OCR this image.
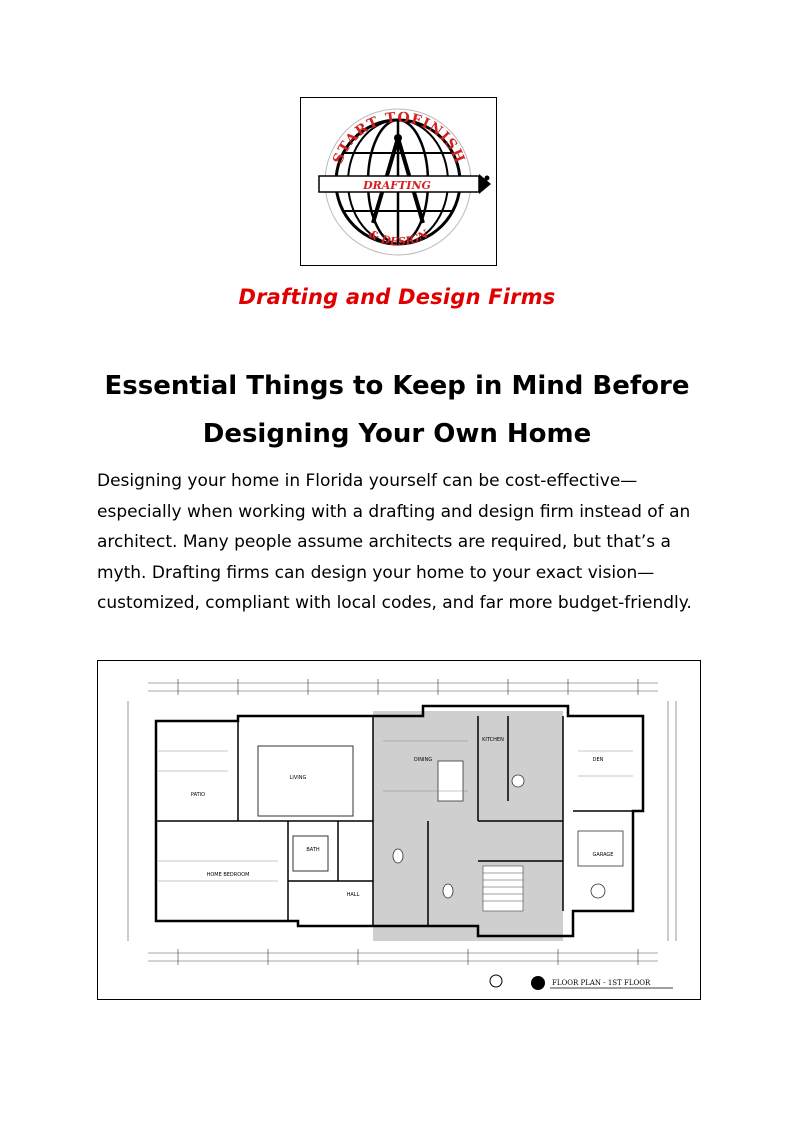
DRAFTING
START TOFINISH
& DESIGN
Drafting and Design Firms
Essential Things to Keep in Mind Before Designing Your Own Home

Designing your home in Florida yourself can be cost-effective—especially when working with a drafting and design firm instead of an architect. Many people assume architects are required, but that’s a myth. Drafting firms can design your home to your exact vision—customized, compliant with local codes, and far more budget-friendly.

LIVING
DINING
KITCHEN
DEN
HOME BEDROOM
BATH
HALL
GARAGE
PATIO
FLOOR PLAN - 1ST FLOOR
